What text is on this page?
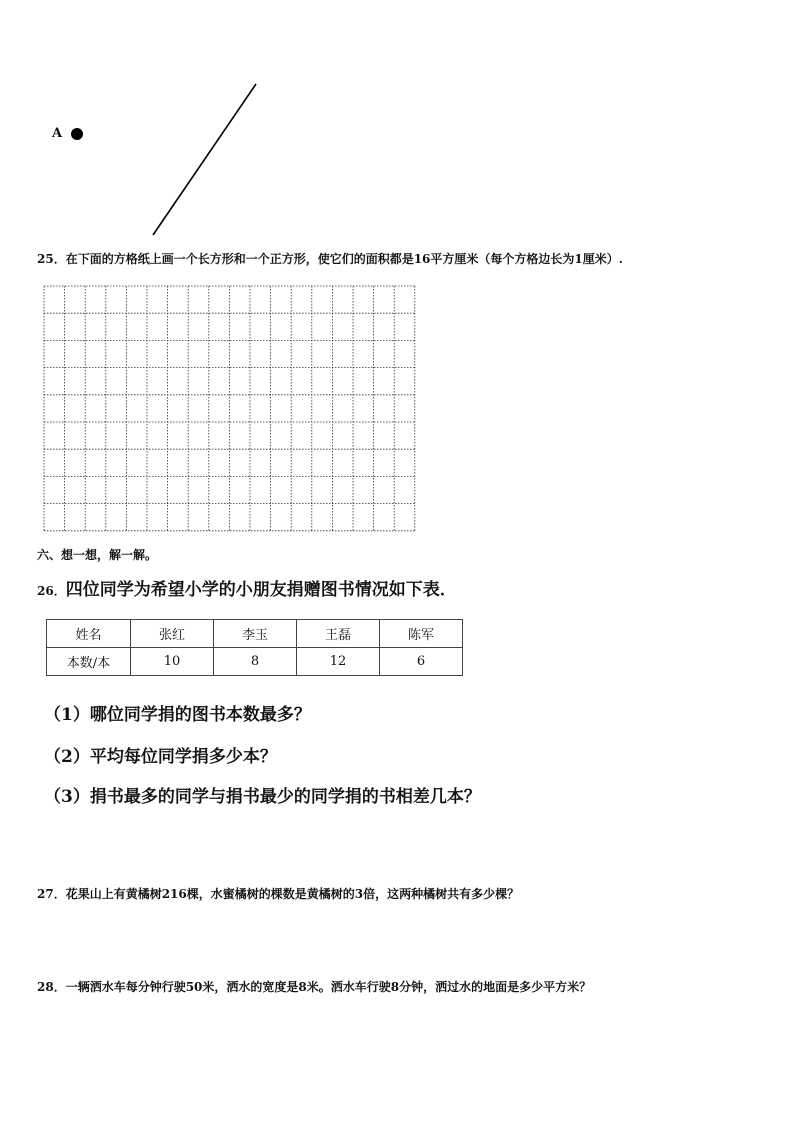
A
25．在下面的方格纸上画一个长方形和一个正方形，使它们的面积都是16平方厘米（每个方格边长为1厘米）.
六、想一想，解一解。
26．四位同学为希望小学的小朋友捐赠图书情况如下表．
姓名	张红	李玉	王磊	陈军
本数/本	10	8	12	6
（1）哪位同学捐的图书本数最多？
（2）平均每位同学捐多少本？
（3）捐书最多的同学与捐书最少的同学捐的书相差几本？
27．花果山上有黄橘树216棵，水蜜橘树的棵数是黄橘树的3倍，这两种橘树共有多少棵？
28．一辆洒水车每分钟行驶50米，洒水的宽度是8米。洒水车行驶8分钟，洒过水的地面是多少平方米？
